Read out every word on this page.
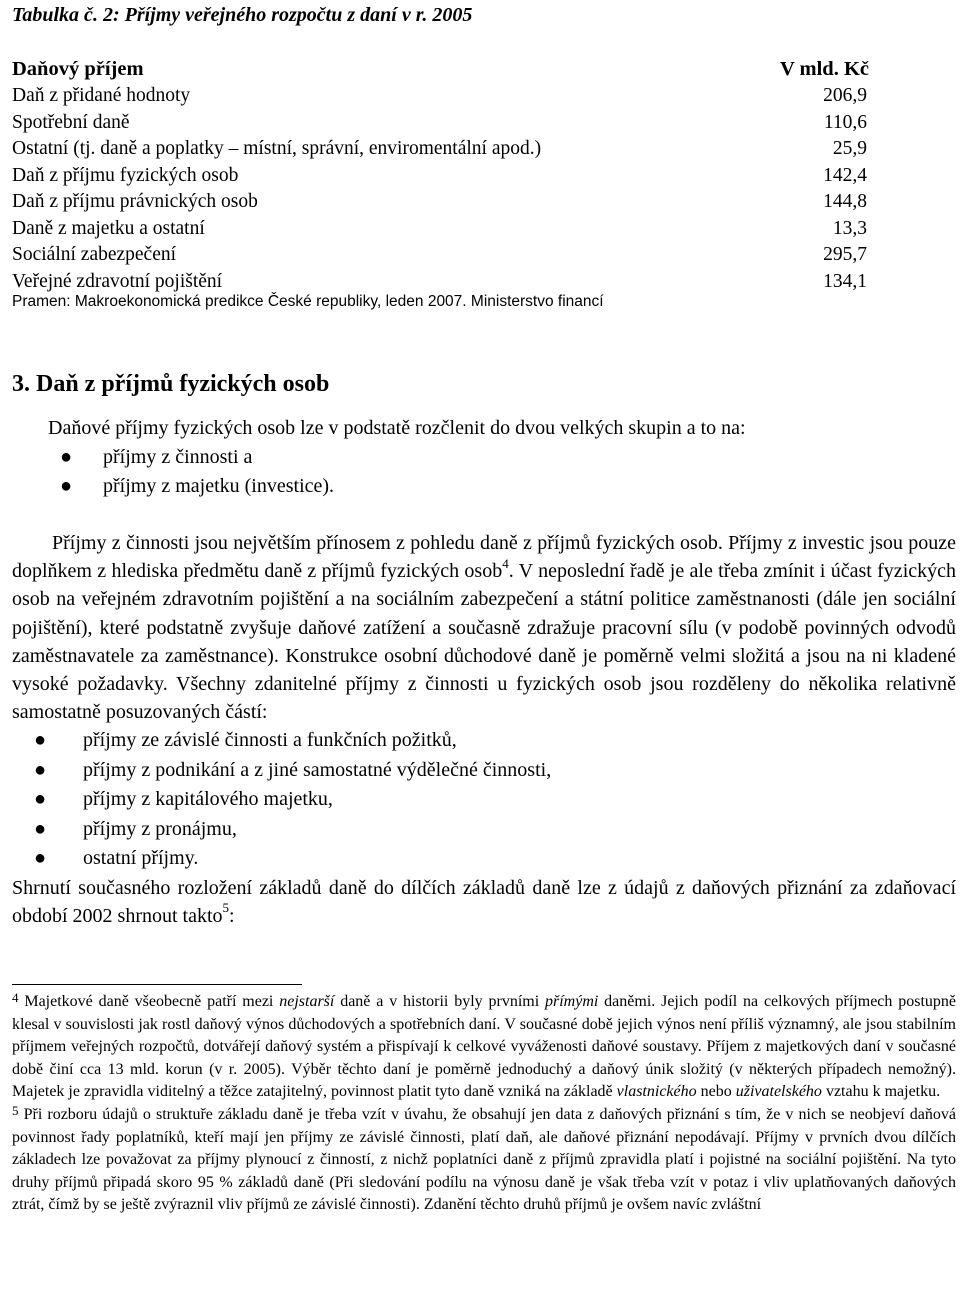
Tabulka č. 2: Příjmy veřejného rozpočtu z daní v r. 2005
Daňový příjem	V mld. Kč
Daň z přidané hodnoty	206,9
Spotřební daně	110,6
Ostatní (tj. daně a poplatky – místní, správní, enviromentální apod.)	25,9
Daň z příjmu fyzických osob	142,4
Daň z příjmu právnických osob	144,8
Daně z majetku a ostatní	13,3
Sociální zabezpečení	295,7
Veřejné zdravotní pojištění	134,1
Pramen: Makroekonomická predikce České republiky, leden 2007. Ministerstvo financí
3. Daň z příjmů fyzických osob
Daňové příjmy fyzických osob lze v podstatě rozčlenit do dvou velkých skupin a to na:
● příjmy z činnosti a
● příjmy z majetku (investice).

Příjmy z činnosti jsou největším přínosem z pohledu daně z příjmů fyzických osob. Příjmy z investic jsou pouze doplňkem z hlediska předmětu daně z příjmů fyzických osob$^4$. V neposlední řadě je ale třeba zmínit i účast fyzických osob na veřejném zdravotním pojištění a na sociálním zabezpečení a státní politice zaměstnanosti (dále jen sociální pojištění), které podstatně zvyšuje daňové zatížení a současně zdražuje pracovní sílu (v podobě povinných odvodů zaměstnavatele za zaměstnance). Konstrukce osobní důchodové daně je poměrně velmi složitá a jsou na ni kladené vysoké požadavky. Všechny zdanitelné příjmy z činnosti u fyzických osob jsou rozděleny do několika relativně samostatně posuzovaných částí:

● příjmy ze závislé činnosti a funkčních požitků,
● příjmy z podnikání a z jiné samostatné výdělečné činnosti,
● příjmy z kapitálového majetku,
● příjmy z pronájmu,
● ostatní příjmy.

Shrnutí současného rozložení základů daně do dílčích základů daně lze z údajů z daňových přiznání za zdaňovací období 2002 shrnout takto$^5$:

$^4$ Majetkové daně všeobecně patří mezi nejstarší daně a v historii byly prvními přímými daněmi. Jejich podíl na celkových příjmech postupně klesal v souvislosti jak rostl daňový výnos důchodových a spotřebních daní. V současné době jejich výnos není příliš významný, ale jsou stabilním příjmem veřejných rozpočtů, dotvářejí daňový systém a přispívají k celkové vyváženosti daňové soustavy. Příjem z majetkových daní v současné době činí cca 13 mld. korun (v r. 2005). Výběr těchto daní je poměrně jednoduchý a daňový únik složitý (v některých případech nemožný). Majetek je zpravidla viditelný a těžce zatajitelný, povinnost platit tyto daně vzniká na základě vlastnického nebo uživatelského vztahu k majetku.

$^5$ Při rozboru údajů o struktuře základu daně je třeba vzít v úvahu, že obsahují jen data z daňových přiznání s tím, že v nich se neobjeví daňová povinnost řady poplatníků, kteří mají jen příjmy ze závislé činnosti, platí daň, ale daňové přiznání nepodávají. Příjmy v prvních dvou dílčích základech lze považovat za příjmy plynoucí z činností, z nichž poplatníci daně z příjmů zpravidla platí i pojistné na sociální pojištění. Na tyto druhy příjmů připadá skoro 95 % základů daně (Při sledování podílu na výnosu daně je však třeba vzít v potaz i vliv uplatňovaných daňových ztrát, čímž by se ještě zvýraznil vliv příjmů ze závislé činnosti). Zdanění těchto druhů příjmů je ovšem navíc zvláštní
